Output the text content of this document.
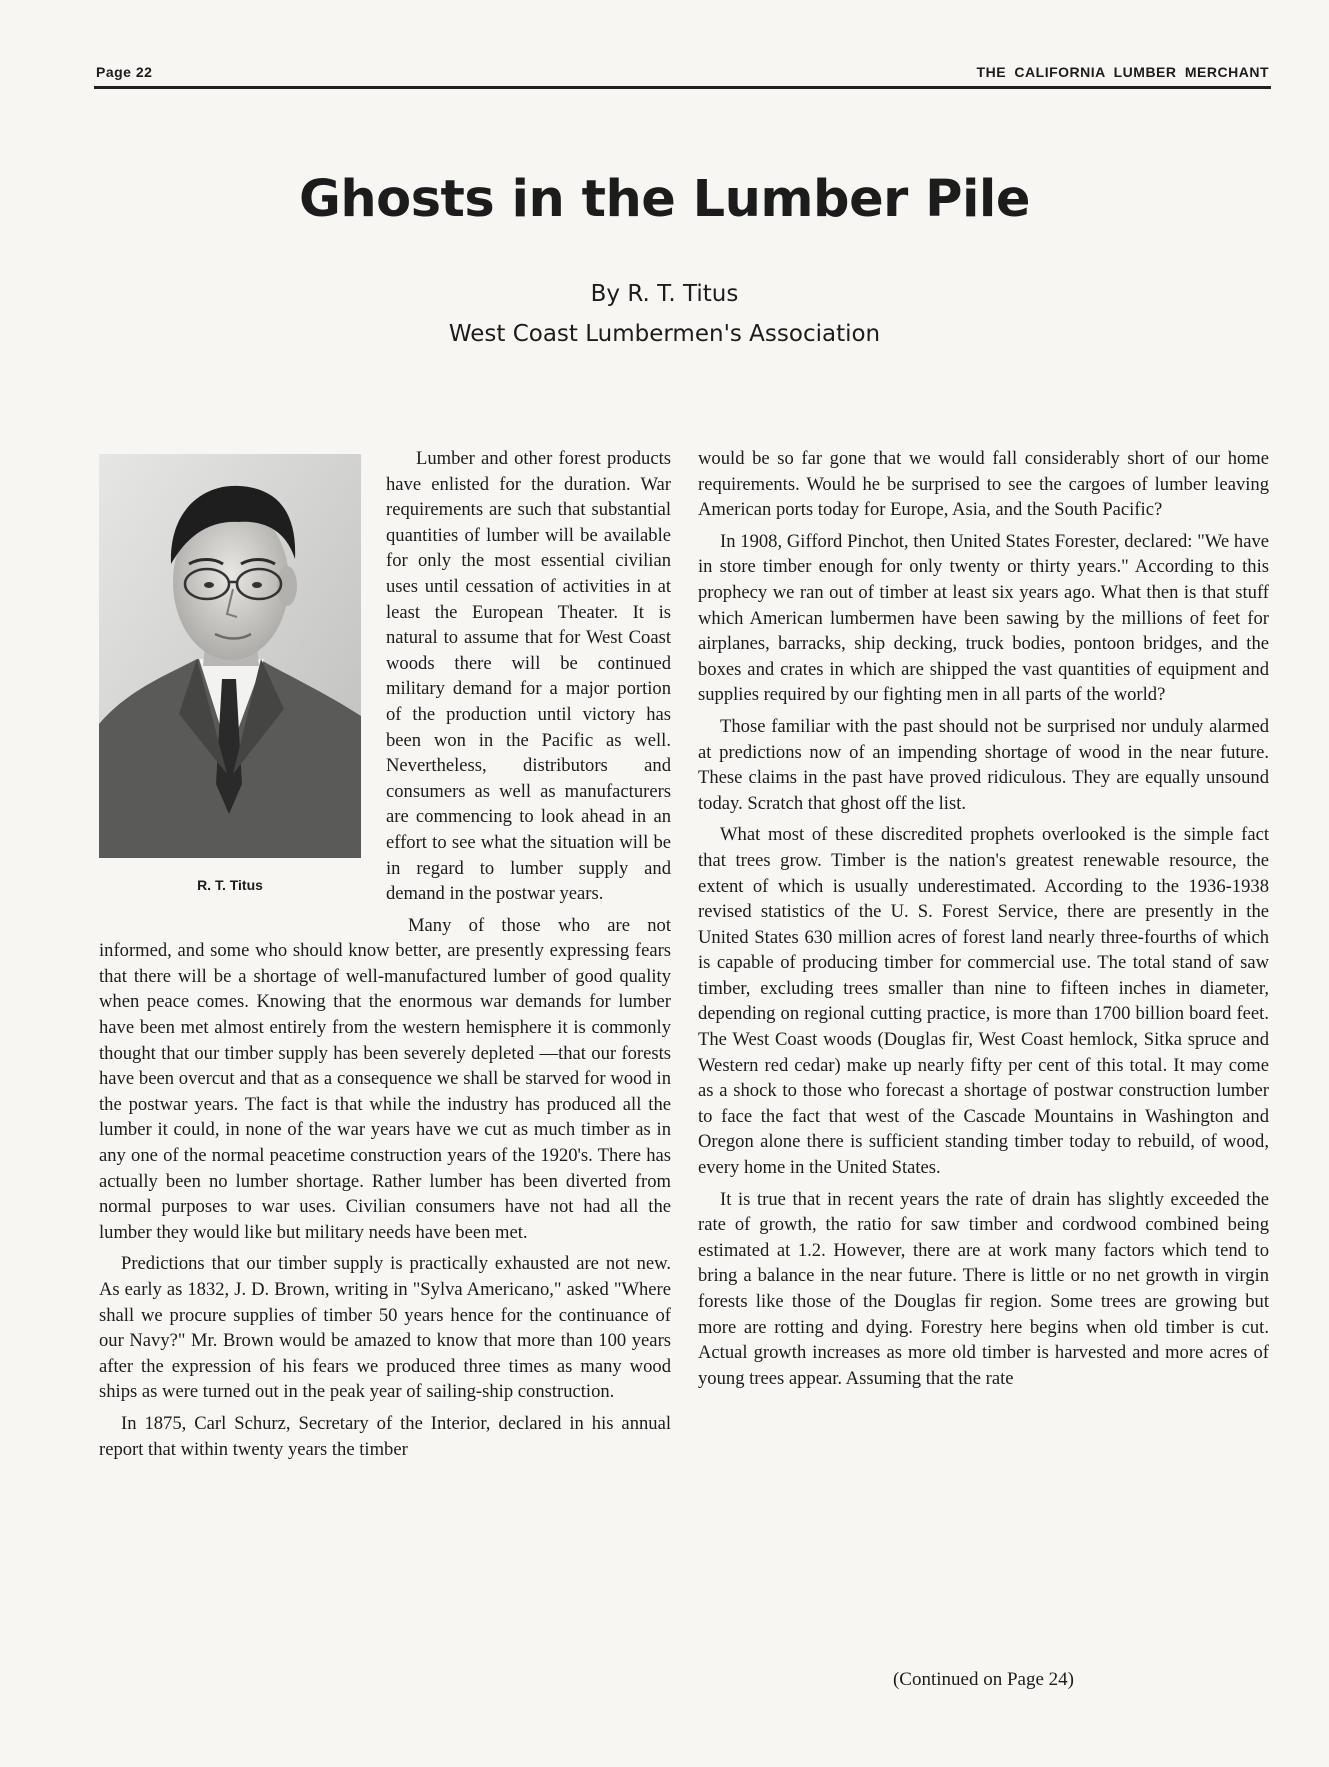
Page 22	THE CALIFORNIA LUMBER MERCHANT
Ghosts in the Lumber Pile
By R. T. Titus
West Coast Lumbermen's Association
R. T. Titus

Lumber and other forest products have enlisted for the duration. War requirements are such that substantial quantities of lumber will be available for only the most essential civilian uses until cessation of activities in at least the European Theater. It is natural to assume that for West Coast woods there will be continued military demand for a major portion of the production until victory has been won in the Pacific as well. Nevertheless, distributors and consumers as well as manufacturers are commencing to look ahead in an effort to see what the situation will be in regard to lumber supply and demand in the postwar years.

Many of those who are not informed, and some who should know better, are presently expressing fears that there will be a shortage of well-manufactured lumber of good quality when peace comes. Knowing that the enormous war demands for lumber have been met almost entirely from the western hemisphere it is commonly thought that our timber supply has been severely depleted —that our forests have been overcut and that as a consequence we shall be starved for wood in the postwar years. The fact is that while the industry has produced all the lumber it could, in none of the war years have we cut as much timber as in any one of the normal peacetime construction years of the 1920's. There has actually been no lumber shortage. Rather lumber has been diverted from normal purposes to war uses. Civilian consumers have not had all the lumber they would like but military needs have been met.

Predictions that our timber supply is practically exhausted are not new. As early as 1832, J. D. Brown, writing in "Sylva Americano," asked "Where shall we procure supplies of timber 50 years hence for the continuance of our Navy?" Mr. Brown would be amazed to know that more than 100 years after the expression of his fears we produced three times as many wood ships as were turned out in the peak year of sailing-ship construction.

In 1875, Carl Schurz, Secretary of the Interior, declared in his annual report that within twenty years the timber

would be so far gone that we would fall considerably short of our home requirements. Would he be surprised to see the cargoes of lumber leaving American ports today for Europe, Asia, and the South Pacific?

In 1908, Gifford Pinchot, then United States Forester, declared: "We have in store timber enough for only twenty or thirty years." According to this prophecy we ran out of timber at least six years ago. What then is that stuff which American lumbermen have been sawing by the millions of feet for airplanes, barracks, ship decking, truck bodies, pontoon bridges, and the boxes and crates in which are shipped the vast quantities of equipment and supplies required by our fighting men in all parts of the world?

Those familiar with the past should not be surprised nor unduly alarmed at predictions now of an impending shortage of wood in the near future. These claims in the past have proved ridiculous. They are equally unsound today. Scratch that ghost off the list.

What most of these discredited prophets overlooked is the simple fact that trees grow. Timber is the nation's greatest renewable resource, the extent of which is usually underestimated. According to the 1936-1938 revised statistics of the U. S. Forest Service, there are presently in the United States 630 million acres of forest land nearly three-fourths of which is capable of producing timber for commercial use. The total stand of saw timber, excluding trees smaller than nine to fifteen inches in diameter, depending on regional cutting practice, is more than 1700 billion board feet. The West Coast woods (Douglas fir, West Coast hemlock, Sitka spruce and Western red cedar) make up nearly fifty per cent of this total. It may come as a shock to those who forecast a shortage of postwar construction lumber to face the fact that west of the Cascade Mountains in Washington and Oregon alone there is sufficient standing timber today to rebuild, of wood, every home in the United States.

It is true that in recent years the rate of drain has slightly exceeded the rate of growth, the ratio for saw timber and cordwood combined being estimated at 1.2. However, there are at work many factors which tend to bring a balance in the near future. There is little or no net growth in virgin forests like those of the Douglas fir region. Some trees are growing but more are rotting and dying. Forestry here begins when old timber is cut. Actual growth increases as more old timber is harvested and more acres of young trees appear. Assuming that the rate

(Continued on Page 24)
